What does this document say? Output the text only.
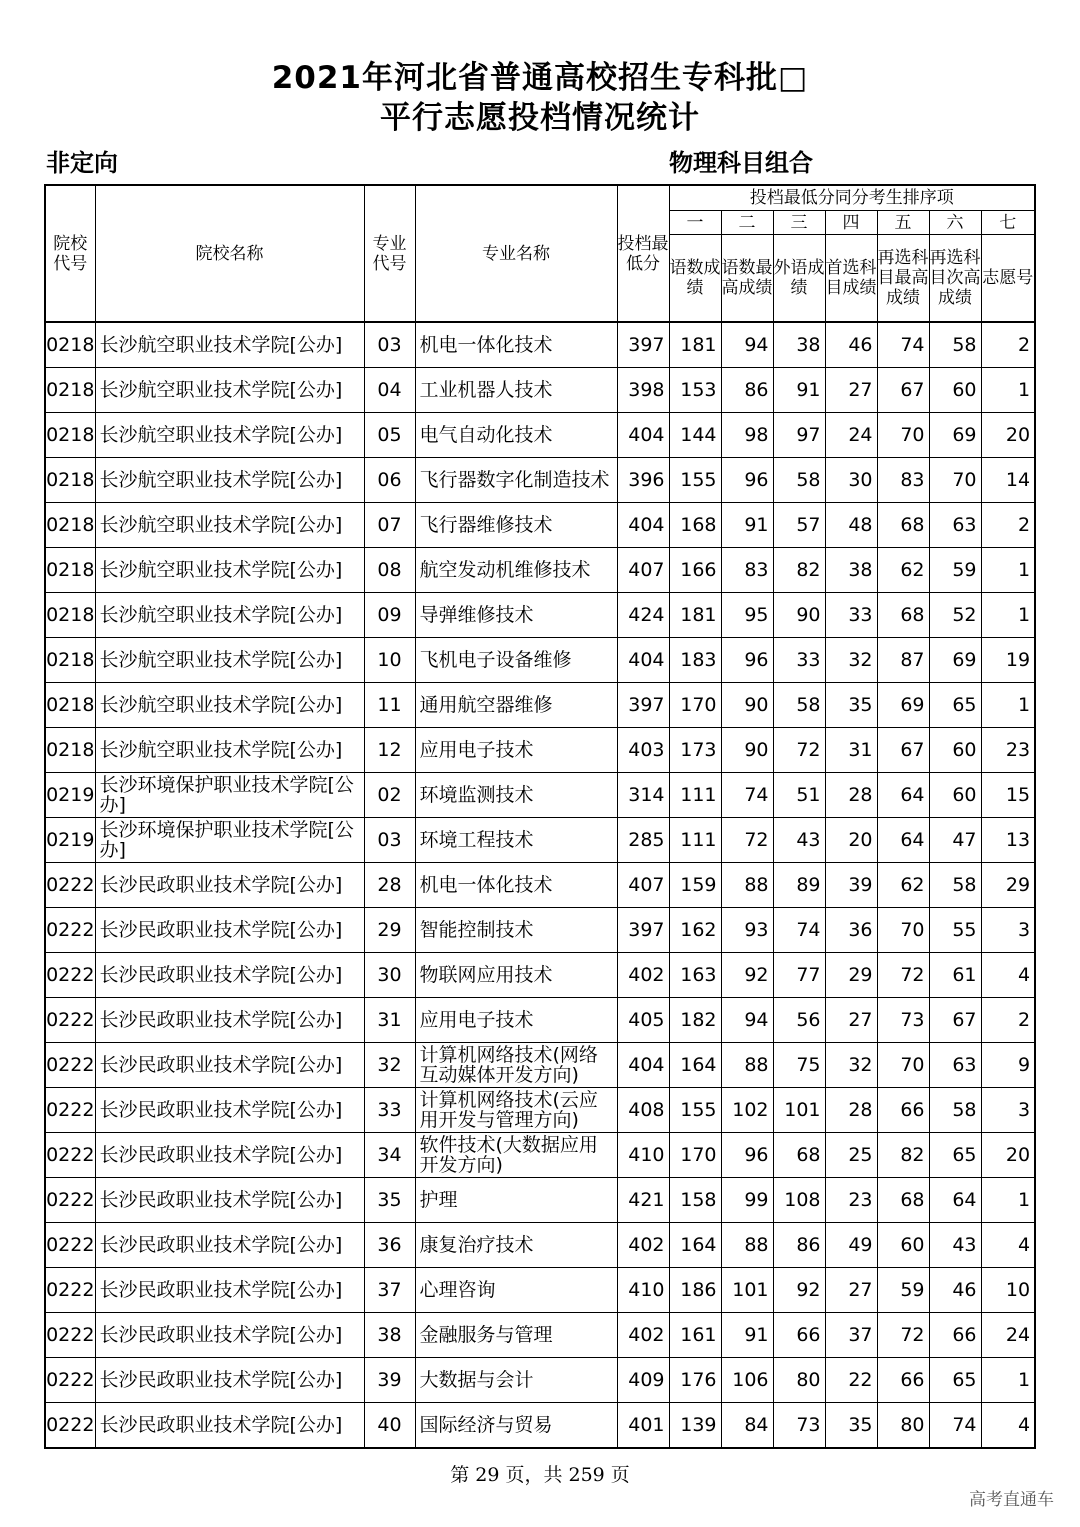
2021年河北省普通高校招生专科批□
平行志愿投档情况统计
非定向	物理科目组合
院校代号	院校名称	专业代号	专业名称	投档最低分	投档最低分同分考生排序项						
					一	二	三	四	五	六	七
					语数成绩	语数最高成绩	外语成绩	首选科目成绩	再选科目最高成绩	再选科目次高成绩	志愿号
0218	长沙航空职业技术学院[公办]	03	机电一体化技术	397	181	94	38	46	74	58	2
0218	长沙航空职业技术学院[公办]	04	工业机器人技术	398	153	86	91	27	67	60	1
0218	长沙航空职业技术学院[公办]	05	电气自动化技术	404	144	98	97	24	70	69	20
0218	长沙航空职业技术学院[公办]	06	飞行器数字化制造技术	396	155	96	58	30	83	70	14
0218	长沙航空职业技术学院[公办]	07	飞行器维修技术	404	168	91	57	48	68	63	2
0218	长沙航空职业技术学院[公办]	08	航空发动机维修技术	407	166	83	82	38	62	59	1
0218	长沙航空职业技术学院[公办]	09	导弹维修技术	424	181	95	90	33	68	52	1
0218	长沙航空职业技术学院[公办]	10	飞机电子设备维修	404	183	96	33	32	87	69	19
0218	长沙航空职业技术学院[公办]	11	通用航空器维修	397	170	90	58	35	69	65	1
0218	长沙航空职业技术学院[公办]	12	应用电子技术	403	173	90	72	31	67	60	23
0219	长沙环境保护职业技术学院[公办]	02	环境监测技术	314	111	74	51	28	64	60	15
0219	长沙环境保护职业技术学院[公办]	03	环境工程技术	285	111	72	43	20	64	47	13
0222	长沙民政职业技术学院[公办]	28	机电一体化技术	407	159	88	89	39	62	58	29
0222	长沙民政职业技术学院[公办]	29	智能控制技术	397	162	93	74	36	70	55	3
0222	长沙民政职业技术学院[公办]	30	物联网应用技术	402	163	92	77	29	72	61	4
0222	长沙民政职业技术学院[公办]	31	应用电子技术	405	182	94	56	27	73	67	2
0222	长沙民政职业技术学院[公办]	32	计算机网络技术(网络互动媒体开发方向)	404	164	88	75	32	70	63	9
0222	长沙民政职业技术学院[公办]	33	计算机网络技术(云应用开发与管理方向)	408	155	102	101	28	66	58	3
0222	长沙民政职业技术学院[公办]	34	软件技术(大数据应用开发方向)	410	170	96	68	25	82	65	20
0222	长沙民政职业技术学院[公办]	35	护理	421	158	99	108	23	68	64	1
0222	长沙民政职业技术学院[公办]	36	康复治疗技术	402	164	88	86	49	60	43	4
0222	长沙民政职业技术学院[公办]	37	心理咨询	410	186	101	92	27	59	46	10
0222	长沙民政职业技术学院[公办]	38	金融服务与管理	402	161	91	66	37	72	66	24
0222	长沙民政职业技术学院[公办]	39	大数据与会计	409	176	106	80	22	66	65	1
0222	长沙民政职业技术学院[公办]	40	国际经济与贸易	401	139	84	73	35	80	74	4
第 29 页，共 259 页
高考直通车
